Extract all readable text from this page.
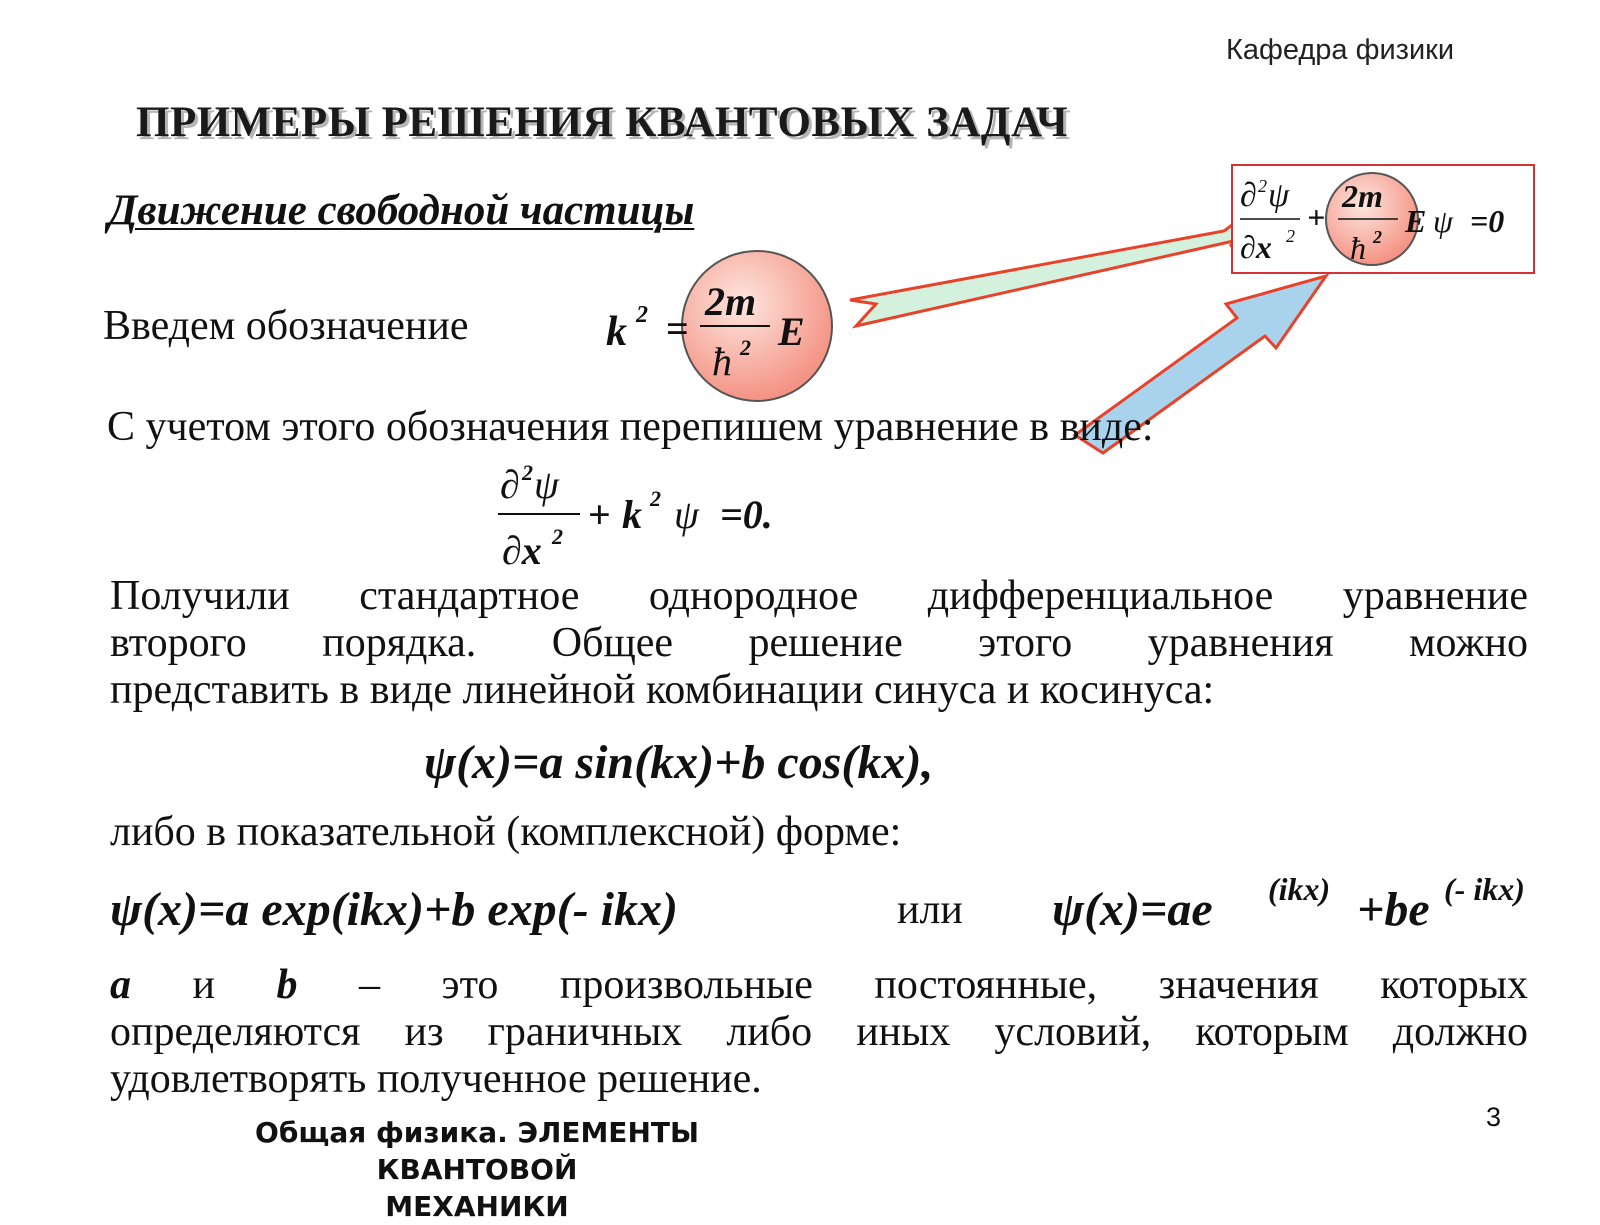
Кафедра физики
ПРИМЕРЫ РЕШЕНИЯ КВАНТОВЫХ ЗАДАЧ
Движение свободной частицы
k 2 =
2m
ħ 2 E
∂ 2 ψ
∂x 2
+
2m
ħ 2 E ψ =0
∂ 2 ψ
∂x 2 + k 2 ψ =0.
ψ(x)=a sin(kx)+b cos(kx),
ψ(x)=a exp(ikx)+b exp(- ikx)	ψ(x)=ae (ikx) +be (- ikx)
Введем обозначение
С учетом этого обозначения перепишем уравнение в виде:
Получили стандартное однородное дифференциальное уравнение
второго порядка. Общее решение этого уравнения можно
представить в виде линейной комбинации синуса и косинуса:
либо в показательной (комплексной) форме:
или
a и b – это произвольные постоянные, значения которых
определяются из граничных либо иных условий, которым должно
удовлетворять полученное решение.
Общая физика. ЭЛЕМЕНТЫ КВАНТОВОЙ
МЕХАНИКИ
3
